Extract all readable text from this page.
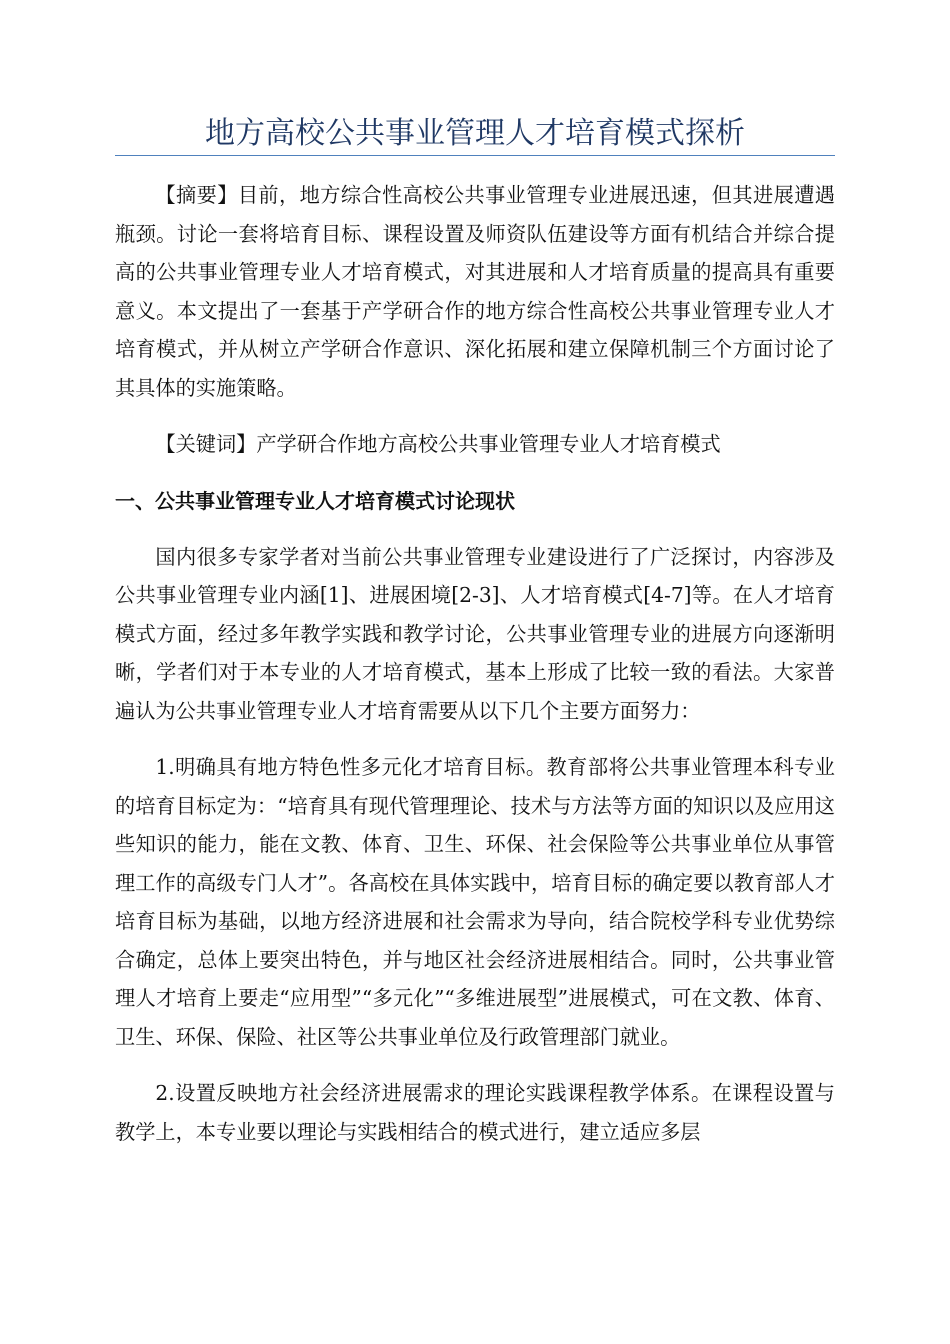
地方高校公共事业管理人才培育模式探析

【摘要】目前，地方综合性高校公共事业管理专业进展迅速，但其进展遭遇瓶颈。讨论一套将培育目标、课程设置及师资队伍建设等方面有机结合并综合提高的公共事业管理专业人才培育模式，对其进展和人才培育质量的提高具有重要意义。本文提出了一套基于产学研合作的地方综合性高校公共事业管理专业人才培育模式，并从树立产学研合作意识、深化拓展和建立保障机制三个方面讨论了其具体的实施策略。

【关键词】产学研合作地方高校公共事业管理专业人才培育模式

一、公共事业管理专业人才培育模式讨论现状

国内很多专家学者对当前公共事业管理专业建设进行了广泛探讨，内容涉及公共事业管理专业内涵[1]、进展困境[2-3]、人才培育模式[4-7]等。在人才培育模式方面，经过多年教学实践和教学讨论，公共事业管理专业的进展方向逐渐明晰，学者们对于本专业的人才培育模式，基本上形成了比较一致的看法。大家普遍认为公共事业管理专业人才培育需要从以下几个主要方面努力：

1.明确具有地方特色性多元化才培育目标。教育部将公共事业管理本科专业的培育目标定为：“培育具有现代管理理论、技术与方法等方面的知识以及应用这些知识的能力，能在文教、体育、卫生、环保、社会保险等公共事业单位从事管理工作的高级专门人才”。各高校在具体实践中，培育目标的确定要以教育部人才培育目标为基础，以地方经济进展和社会需求为导向，结合院校学科专业优势综合确定，总体上要突出特色，并与地区社会经济进展相结合。同时，公共事业管理人才培育上要走“应用型”“多元化”“多维进展型”进展模式，可在文教、体育、卫生、环保、保险、社区等公共事业单位及行政管理部门就业。

2.设置反映地方社会经济进展需求的理论实践课程教学体系。在课程设置与教学上，本专业要以理论与实践相结合的模式进行，建立适应多层
